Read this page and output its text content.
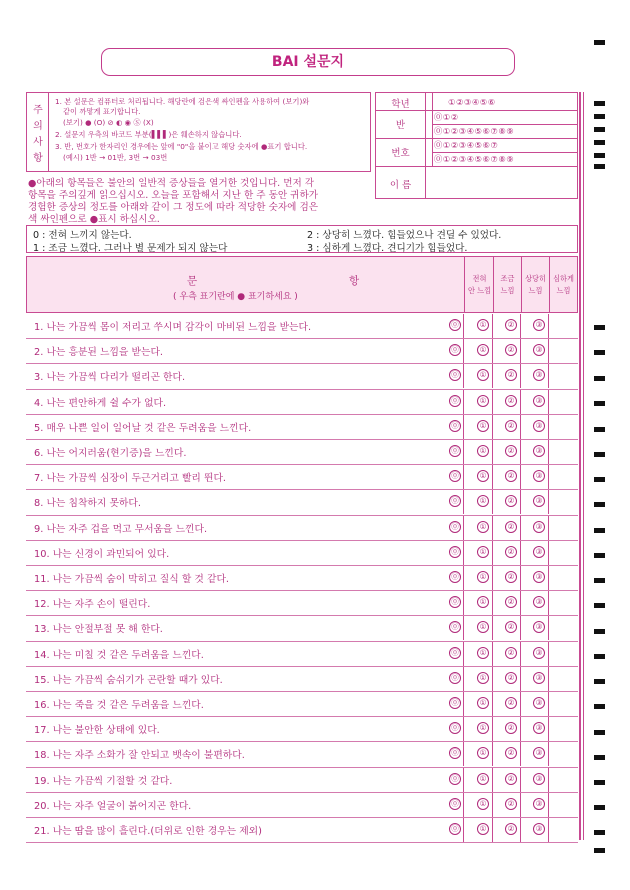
BAI 설문지
주
의
사
항
1. 본 설문은 컴퓨터로 처리됩니다. 해당란에 검은색 싸인펜을 사용하여 (보기)와
같이 까맣게 표기합니다.
(보기) ● (O) ⊘ ◐ ◉ Ⓢ (X)
2. 설문지 우측의 바코드 부분(▌▌▌)은 훼손하지 않습니다.
3. 반, 번호가 한자리인 경우에는 앞에 "0"을 붙이고 해당 숫자에 ●표기 합니다.
(예시) 1반 → 01반, 3번 → 03번
학년	①②③④⑤⑥
반
⓪①②
⓪①②③④⑤⑥⑦⑧⑨
번호
⓪①②③④⑤⑥⑦
⓪①②③④⑤⑥⑦⑧⑨
이 름
●아래의 항목들은 불안의 일반적 증상들을 열거한 것입니다. 먼저 각
항목을 주의깊게 읽으십시오. 오늘을 포함해서 지난 한 주 동안 귀하가
경험한 증상의 정도를 아래와 같이 그 정도에 따라 적당한 숫자에 검은
색 싸인펜으로 ●표시 하십시오.
0 : 전혀 느끼지 않는다.
1 : 조금 느꼈다. 그러나 별 문제가 되지 않는다
2 : 상당히 느꼈다. 힘들었으나 견딜 수 있었다.
3 : 심하게 느꼈다. 견디기가 힘들었다.
문	항
( 우측 표기란에 ● 표기하세요 )
전혀
안 느낌
조금
느낌
상당히
느낌
심하게
느낌
1. 나는 가끔씩 몸이 저리고 쑤시며 감각이 마비된 느낌을 받는다.	⓪	①	②	③
2. 나는 흥분된 느낌을 받는다.	⓪	①	②	③
3. 나는 가끔씩 다리가 떨리곤 한다.	⓪	①	②	③
4. 나는 편안하게 쉴 수가 없다.	⓪	①	②	③
5. 매우 나쁜 일이 일어날 것 같은 두려움을 느낀다.	⓪	①	②	③
6. 나는 어지러움(현기증)을 느낀다.	⓪	①	②	③
7. 나는 가끔씩 심장이 두근거리고 빨리 뛴다.	⓪	①	②	③
8. 나는 침착하지 못하다.	⓪	①	②	③
9. 나는 자주 겁을 먹고 무서움을 느낀다.	⓪	①	②	③
10. 나는 신경이 과민되어 있다.	⓪	①	②	③
11. 나는 가끔씩 숨이 막히고 질식 할 것 같다.	⓪	①	②	③
12. 나는 자주 손이 떨린다.	⓪	①	②	③
13. 나는 안절부절 못 해 한다.	⓪	①	②	③
14. 나는 미칠 것 같은 두려움을 느낀다.	⓪	①	②	③
15. 나는 가끔씩 숨쉬기가 곤란할 때가 있다.	⓪	①	②	③
16. 나는 죽을 것 같은 두려움을 느낀다.	⓪	①	②	③
17. 나는 불안한 상태에 있다.	⓪	①	②	③
18. 나는 자주 소화가 잘 안되고 뱃속이 불편하다.	⓪	①	②	③
19. 나는 가끔씩 기절할 것 같다.	⓪	①	②	③
20. 나는 자주 얼굴이 붉어지곤 한다.	⓪	①	②	③
21. 나는 땀을 많이 흘린다.(더위로 인한 경우는 제외)	⓪	①	②	③
